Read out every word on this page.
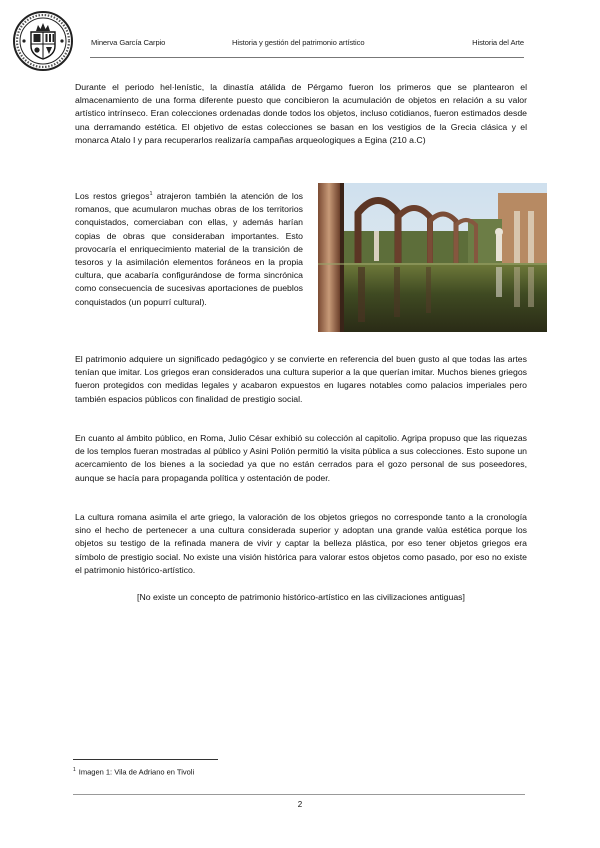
Minerva García Carpio	Historia y gestión del patrimonio artístico	Historia del Arte

Durante el periodo hel·lenístic, la dinastía atálida de Pérgamo fueron los primeros que se plantearon el almacenamiento de una forma diferente puesto que concibieron la acumulación de objetos en relación a su valor artístico intrínseco. Eran colecciones ordenadas donde todos los objetos, incluso cotidianos, fueron estimados desde una derramando estética. El objetivo de estas colecciones se basan en los vestigios de la Grecia clásica y el monarca Atalo I y para recuperarlos realizaría campañas arqueologiques a Egina (210 a.C)

Los restos griegos$^1$ atrajeron también la atención de los romanos, que acumularon muchas obras de los territorios conquistados, comerciaban con ellas, y además harían copias de obras que consideraban importantes. Esto provocaría el enriquecimiento material de la transición de tesoros y la asimilación elementos foráneos en la propia cultura, que acabaría configurándose de forma sincrónica como consecuencia de sucesivas aportaciones de pueblos conquistados (un popurrí cultural).

El patrimonio adquiere un significado pedagógico y se convierte en referencia del buen gusto al que todas las artes tenían que imitar. Los griegos eran considerados una cultura superior a la que querían imitar. Muchos bienes griegos fueron protegidos con medidas legales y acabaron expuestos en lugares notables como palacios imperiales pero también espacios públicos con finalidad de prestigio social.

En cuanto al ámbito público, en Roma, Julio César exhibió su colección al capitolio. Agripa propuso que las riquezas de los templos fueran mostradas al público y Asini Polión permitió la visita pública a sus colecciones. Esto supone un acercamiento de los bienes a la sociedad ya que no están cerrados para el gozo personal de sus poseedores, aunque se hacía para propaganda política y ostentación de poder.

La cultura romana asimila el arte griego, la valoración de los objetos griegos no corresponde tanto a la cronología sino el hecho de pertenecer a una cultura considerada superior y adoptan una grande valúa estética porque los objetos su testigo de la refinada manera de vivir y captar la belleza plástica, por eso tener objetos griegos era símbolo de prestigio social. No existe una visión histórica para valorar estos objetos como pasado, por eso no existe el patrimonio histórico-artístico.

[No existe un concepto de patrimonio histórico-artístico en las civilizaciones antiguas]
$^1$ Imagen 1: Vila de Adriano en Tivoli
2
